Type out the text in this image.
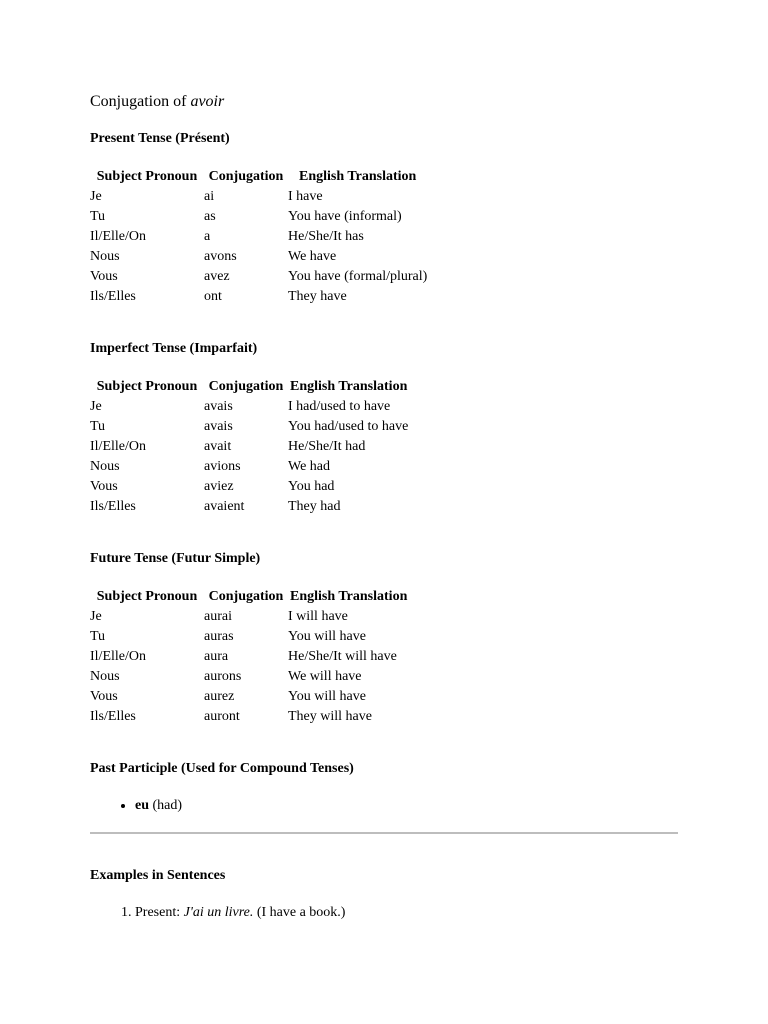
Conjugation of avoir
Present Tense (Présent)
Subject Pronoun	Conjugation	English Translation
Je	ai	I have
Tu	as	You have (informal)
Il/Elle/On	a	He/She/It has
Nous	avons	We have
Vous	avez	You have (formal/plural)
Ils/Elles	ont	They have
Imperfect Tense (Imparfait)
Subject Pronoun	Conjugation	English Translation
Je	avais	I had/used to have
Tu	avais	You had/used to have
Il/Elle/On	avait	He/She/It had
Nous	avions	We had
Vous	aviez	You had
Ils/Elles	avaient	They had
Future Tense (Futur Simple)
Subject Pronoun	Conjugation	English Translation
Je	aurai	I will have
Tu	auras	You will have
Il/Elle/On	aura	He/She/It will have
Nous	aurons	We will have
Vous	aurez	You will have
Ils/Elles	auront	They will have
Past Participle (Used for Compound Tenses)
• eu (had)
Examples in Sentences
1. Present: J'ai un livre. (I have a book.)
